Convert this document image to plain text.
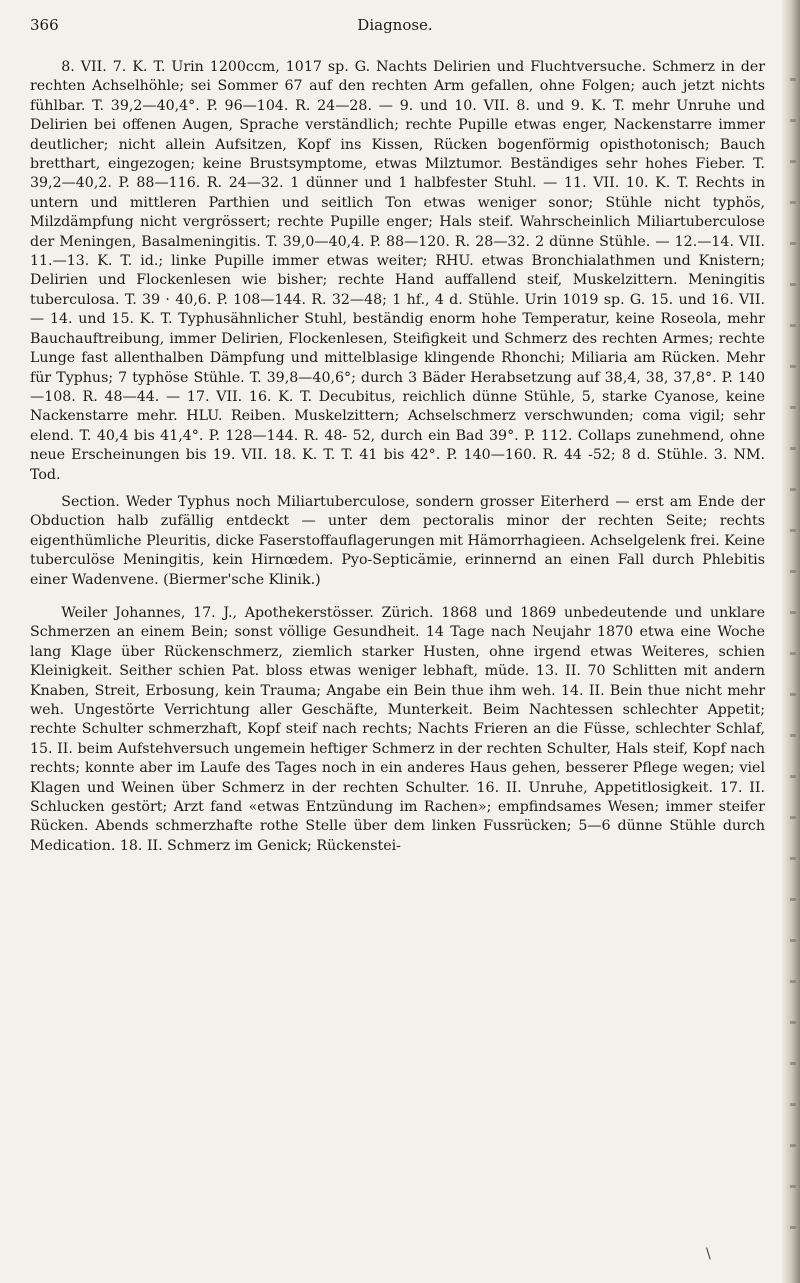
366	Diagnose.

8. VII. 7. K. T. Urin 1200ccm, 1017 sp. G. Nachts Delirien und Fluchtversuche. Schmerz in der rechten Achselhöhle; sei Sommer 67 auf den rechten Arm gefallen, ohne Folgen; auch jetzt nichts fühlbar. T. 39,2—40,4°. P. 96—104. R. 24—28. — 9. und 10. VII. 8. und 9. K. T. mehr Unruhe und Delirien bei offenen Augen, Sprache verständlich; rechte Pupille etwas enger, Nackenstarre immer deutlicher; nicht allein Aufsitzen, Kopf ins Kissen, Rücken bogenförmig opisthotonisch; Bauch bretthart, eingezogen; keine Brustsymptome, etwas Milztumor. Beständiges sehr hohes Fieber. T. 39,2—40,2. P. 88—116. R. 24—32. 1 dünner und 1 halbfester Stuhl. — 11. VII. 10. K. T. Rechts in untern und mittleren Parthien und seitlich Ton etwas weniger sonor; Stühle nicht typhös, Milzdämpfung nicht vergrössert; rechte Pupille enger; Hals steif. Wahrscheinlich Miliartuberculose der Meningen, Basalmeningitis. T. 39,0—40,4. P. 88—120. R. 28—32. 2 dünne Stühle. — 12.—14. VII. 11.—13. K. T. id.; linke Pupille immer etwas weiter; RHU. etwas Bronchialathmen und Knistern; Delirien und Flockenlesen wie bisher; rechte Hand auffallend steif, Muskelzittern. Meningitis tuberculosa. T. 39 · 40,6. P. 108—144. R. 32—48; 1 hf., 4 d. Stühle. Urin 1019 sp. G. 15. und 16. VII. — 14. und 15. K. T. Typhusähnlicher Stuhl, beständig enorm hohe Temperatur, keine Roseola, mehr Bauchauftreibung, immer Delirien, Flockenlesen, Steifigkeit und Schmerz des rechten Armes; rechte Lunge fast allenthalben Dämpfung und mittelblasige klingende Rhonchi; Miliaria am Rücken. Mehr für Typhus; 7 typhöse Stühle. T. 39,8—40,6°; durch 3 Bäder Herabsetzung auf 38,4, 38, 37,8°. P. 140—108. R. 48—44. — 17. VII. 16. K. T. Decubitus, reichlich dünne Stühle, 5, starke Cyanose, keine Nackenstarre mehr. HLU. Reiben. Muskelzittern; Achselschmerz verschwunden; coma vigil; sehr elend. T. 40,4 bis 41,4°. P. 128—144. R. 48- 52, durch ein Bad 39°. P. 112. Collaps zunehmend, ohne neue Erscheinungen bis 19. VII. 18. K. T. T. 41 bis 42°. P. 140—160. R. 44 -52; 8 d. Stühle. 3. NM. Tod.

Section. Weder Typhus noch Miliartuberculose, sondern grosser Eiterherd — erst am Ende der Obduction halb zufällig entdeckt — unter dem pectoralis minor der rechten Seite; rechts eigenthümliche Pleuritis, dicke Faserstoffauflagerungen mit Hämorrhagieen. Achselgelenk frei. Keine tuberculöse Meningitis, kein Hirnœdem. Pyo-Septicämie, erinnernd an einen Fall durch Phlebitis einer Wadenvene. (Biermer'sche Klinik.)

Weiler Johannes, 17. J., Apothekerstösser. Zürich. 1868 und 1869 unbedeutende und unklare Schmerzen an einem Bein; sonst völlige Gesundheit. 14 Tage nach Neujahr 1870 etwa eine Woche lang Klage über Rückenschmerz, ziemlich starker Husten, ohne irgend etwas Weiteres, schien Kleinigkeit. Seither schien Pat. bloss etwas weniger lebhaft, müde. 13. II. 70 Schlitten mit andern Knaben, Streit, Erbosung, kein Trauma; Angabe ein Bein thue ihm weh. 14. II. Bein thue nicht mehr weh. Ungestörte Verrichtung aller Geschäfte, Munterkeit. Beim Nachtessen schlechter Appetit; rechte Schulter schmerzhaft, Kopf steif nach rechts; Nachts Frieren an die Füsse, schlechter Schlaf, 15. II. beim Aufstehversuch ungemein heftiger Schmerz in der rechten Schulter, Hals steif, Kopf nach rechts; konnte aber im Laufe des Tages noch in ein anderes Haus gehen, besserer Pflege wegen; viel Klagen und Weinen über Schmerz in der rechten Schulter. 16. II. Unruhe, Appetitlosigkeit. 17. II. Schlucken gestört; Arzt fand «etwas Entzündung im Rachen»; empfindsames Wesen; immer steifer Rücken. Abends schmerzhafte rothe Stelle über dem linken Fussrücken; 5—6 dünne Stühle durch Medication. 18. II. Schmerz im Genick; Rückenstei-

\
